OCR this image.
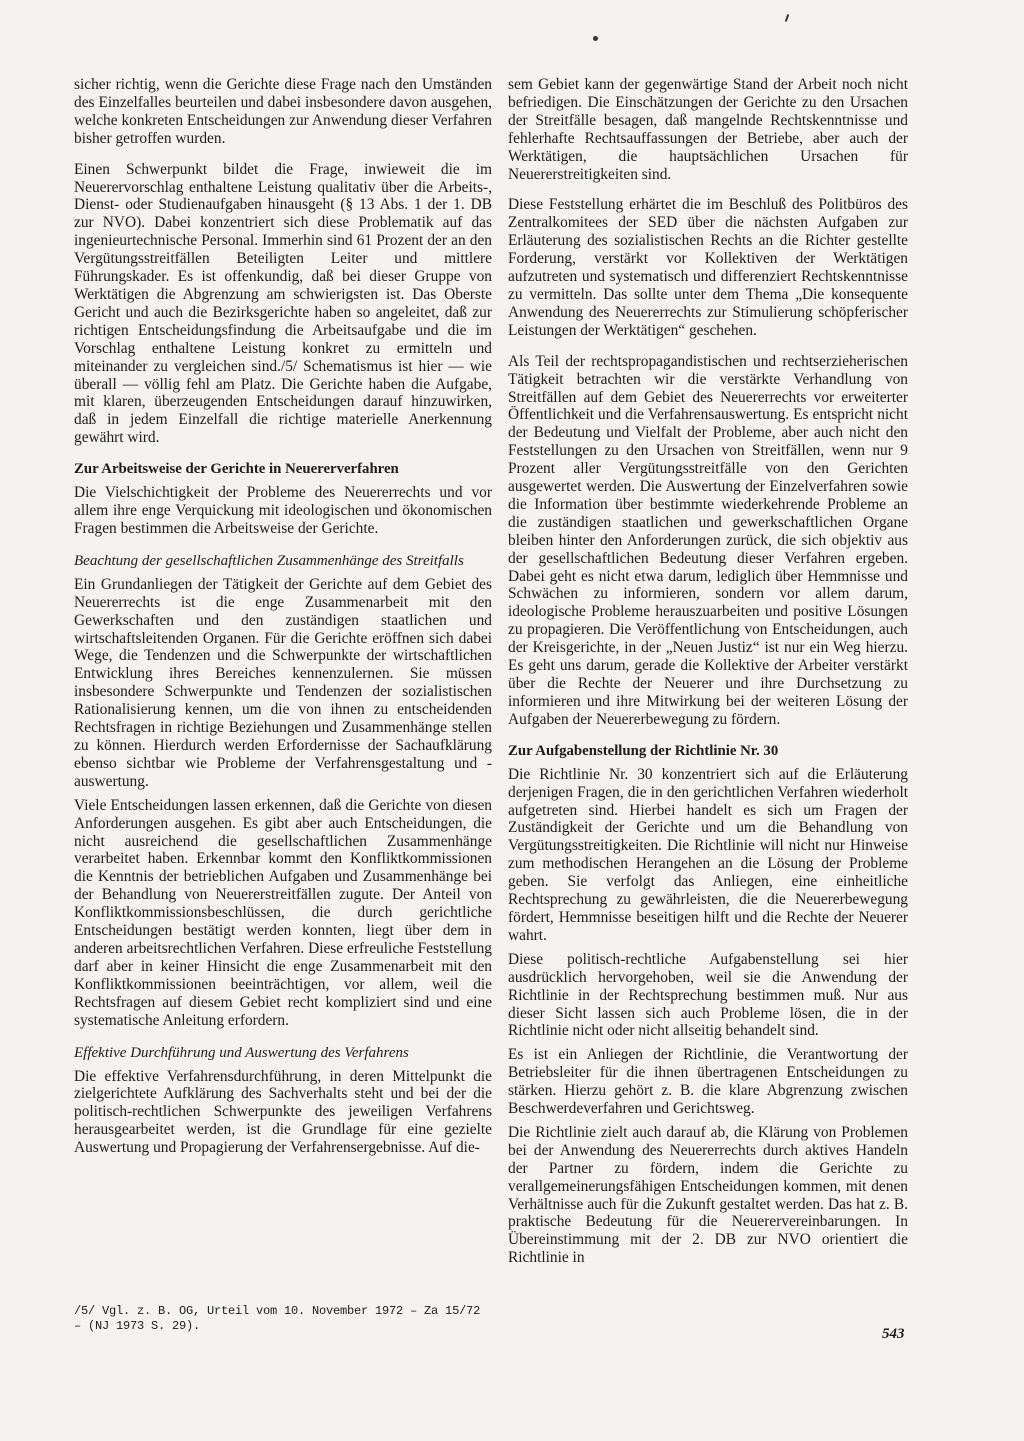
sicher richtig, wenn die Gerichte diese Frage nach den Umständen des Einzelfalles beurteilen und dabei insbesondere davon ausgehen, welche konkreten Entscheidungen zur Anwendung dieser Verfahren bisher getroffen wurden.

Einen Schwerpunkt bildet die Frage, inwieweit die im Neuerervorschlag enthaltene Leistung qualitativ über die Arbeits-, Dienst- oder Studienaufgaben hinausgeht (§ 13 Abs. 1 der 1. DB zur NVO). Dabei konzentriert sich diese Problematik auf das ingenieurtechnische Personal. Immerhin sind 61 Prozent der an den Vergütungsstreitfällen Beteiligten Leiter und mittlere Führungskader. Es ist offenkundig, daß bei dieser Gruppe von Werktätigen die Abgrenzung am schwierigsten ist. Das Oberste Gericht und auch die Bezirksgerichte haben so angeleitet, daß zur richtigen Entscheidungsfindung die Arbeitsaufgabe und die im Vorschlag enthaltene Leistung konkret zu ermitteln und miteinander zu vergleichen sind./5/ Schematismus ist hier — wie überall — völlig fehl am Platz. Die Gerichte haben die Aufgabe, mit klaren, überzeugenden Entscheidungen darauf hinzuwirken, daß in jedem Einzelfall die richtige materielle Anerkennung gewährt wird.

Zur Arbeitsweise der Gerichte in Neuererverfahren

Die Vielschichtigkeit der Probleme des Neuererrechts und vor allem ihre enge Verquickung mit ideologischen und ökonomischen Fragen bestimmen die Arbeitsweise der Gerichte.

Beachtung der gesellschaftlichen Zusammenhänge des Streitfalls

Ein Grundanliegen der Tätigkeit der Gerichte auf dem Gebiet des Neuererrechts ist die enge Zusammenarbeit mit den Gewerkschaften und den zuständigen staatlichen und wirtschaftsleitenden Organen. Für die Gerichte eröffnen sich dabei Wege, die Tendenzen und die Schwerpunkte der wirtschaftlichen Entwicklung ihres Bereiches kennenzulernen. Sie müssen insbesondere Schwerpunkte und Tendenzen der sozialistischen Rationalisierung kennen, um die von ihnen zu entscheidenden Rechtsfragen in richtige Beziehungen und Zusammenhänge stellen zu können. Hierdurch werden Erfordernisse der Sachaufklärung ebenso sichtbar wie Probleme der Verfahrensgestaltung und -auswertung.

Viele Entscheidungen lassen erkennen, daß die Gerichte von diesen Anforderungen ausgehen. Es gibt aber auch Entscheidungen, die nicht ausreichend die gesellschaftlichen Zusammenhänge verarbeitet haben. Erkennbar kommt den Konfliktkommissionen die Kenntnis der betrieblichen Aufgaben und Zusammenhänge bei der Behandlung von Neuererstreitfällen zugute. Der Anteil von Konfliktkommissionsbeschlüssen, die durch gerichtliche Entscheidungen bestätigt werden konnten, liegt über dem in anderen arbeitsrechtlichen Verfahren. Diese erfreuliche Feststellung darf aber in keiner Hinsicht die enge Zusammenarbeit mit den Konfliktkommissionen beeinträchtigen, vor allem, weil die Rechtsfragen auf diesem Gebiet recht kompliziert sind und eine systematische Anleitung erfordern.

Effektive Durchführung und Auswertung des Verfahrens

Die effektive Verfahrensdurchführung, in deren Mittelpunkt die zielgerichtete Aufklärung des Sachverhalts steht und bei der die politisch-rechtlichen Schwerpunkte des jeweiligen Verfahrens herausgearbeitet werden, ist die Grundlage für eine gezielte Auswertung und Propagierung der Verfahrensergebnisse. Auf die-

sem Gebiet kann der gegenwärtige Stand der Arbeit noch nicht befriedigen. Die Einschätzungen der Gerichte zu den Ursachen der Streitfälle besagen, daß mangelnde Rechtskenntnisse und fehlerhafte Rechtsauffassungen der Betriebe, aber auch der Werktätigen, die hauptsächlichen Ursachen für Neuererstreitigkeiten sind.

Diese Feststellung erhärtet die im Beschluß des Politbüros des Zentralkomitees der SED über die nächsten Aufgaben zur Erläuterung des sozialistischen Rechts an die Richter gestellte Forderung, verstärkt vor Kollektiven der Werktätigen aufzutreten und systematisch und differenziert Rechtskenntnisse zu vermitteln. Das sollte unter dem Thema „Die konsequente Anwendung des Neuererrechts zur Stimulierung schöpferischer Leistungen der Werktätigen“ geschehen.

Als Teil der rechtspropagandistischen und rechtserzieherischen Tätigkeit betrachten wir die verstärkte Verhandlung von Streitfällen auf dem Gebiet des Neuererrechts vor erweiterter Öffentlichkeit und die Verfahrensauswertung. Es entspricht nicht der Bedeutung und Vielfalt der Probleme, aber auch nicht den Feststellungen zu den Ursachen von Streitfällen, wenn nur 9 Prozent aller Vergütungsstreitfälle von den Gerichten ausgewertet werden. Die Auswertung der Einzelverfahren sowie die Information über bestimmte wiederkehrende Probleme an die zuständigen staatlichen und gewerkschaftlichen Organe bleiben hinter den Anforderungen zurück, die sich objektiv aus der gesellschaftlichen Bedeutung dieser Verfahren ergeben. Dabei geht es nicht etwa darum, lediglich über Hemmnisse und Schwächen zu informieren, sondern vor allem darum, ideologische Probleme herauszuarbeiten und positive Lösungen zu propagieren. Die Veröffentlichung von Entscheidungen, auch der Kreisgerichte, in der „Neuen Justiz“ ist nur ein Weg hierzu. Es geht uns darum, gerade die Kollektive der Arbeiter verstärkt über die Rechte der Neuerer und ihre Durchsetzung zu informieren und ihre Mitwirkung bei der weiteren Lösung der Aufgaben der Neuererbewegung zu fördern.

Zur Aufgabenstellung der Richtlinie Nr. 30

Die Richtlinie Nr. 30 konzentriert sich auf die Erläuterung derjenigen Fragen, die in den gerichtlichen Verfahren wiederholt aufgetreten sind. Hierbei handelt es sich um Fragen der Zuständigkeit der Gerichte und um die Behandlung von Vergütungsstreitigkeiten. Die Richtlinie will nicht nur Hinweise zum methodischen Herangehen an die Lösung der Probleme geben. Sie verfolgt das Anliegen, eine einheitliche Rechtsprechung zu gewährleisten, die die Neuererbewegung fördert, Hemmnisse beseitigen hilft und die Rechte der Neuerer wahrt.

Diese politisch-rechtliche Aufgabenstellung sei hier ausdrücklich hervorgehoben, weil sie die Anwendung der Richtlinie in der Rechtsprechung bestimmen muß. Nur aus dieser Sicht lassen sich auch Probleme lösen, die in der Richtlinie nicht oder nicht allseitig behandelt sind.

Es ist ein Anliegen der Richtlinie, die Verantwortung der Betriebsleiter für die ihnen übertragenen Entscheidungen zu stärken. Hierzu gehört z. B. die klare Abgrenzung zwischen Beschwerdeverfahren und Gerichtsweg.

Die Richtlinie zielt auch darauf ab, die Klärung von Problemen bei der Anwendung des Neuererrechts durch aktives Handeln der Partner zu fördern, indem die Gerichte zu verallgemeinerungsfähigen Entscheidungen kommen, mit denen Verhältnisse auch für die Zukunft gestaltet werden. Das hat z. B. praktische Bedeutung für die Neuerervereinbarungen. In Übereinstimmung mit der 2. DB zur NVO orientiert die Richtlinie in

/5/ Vgl. z. B. OG, Urteil vom 10. November 1972 – Za 15/72 – (NJ 1973 S. 29).	543
